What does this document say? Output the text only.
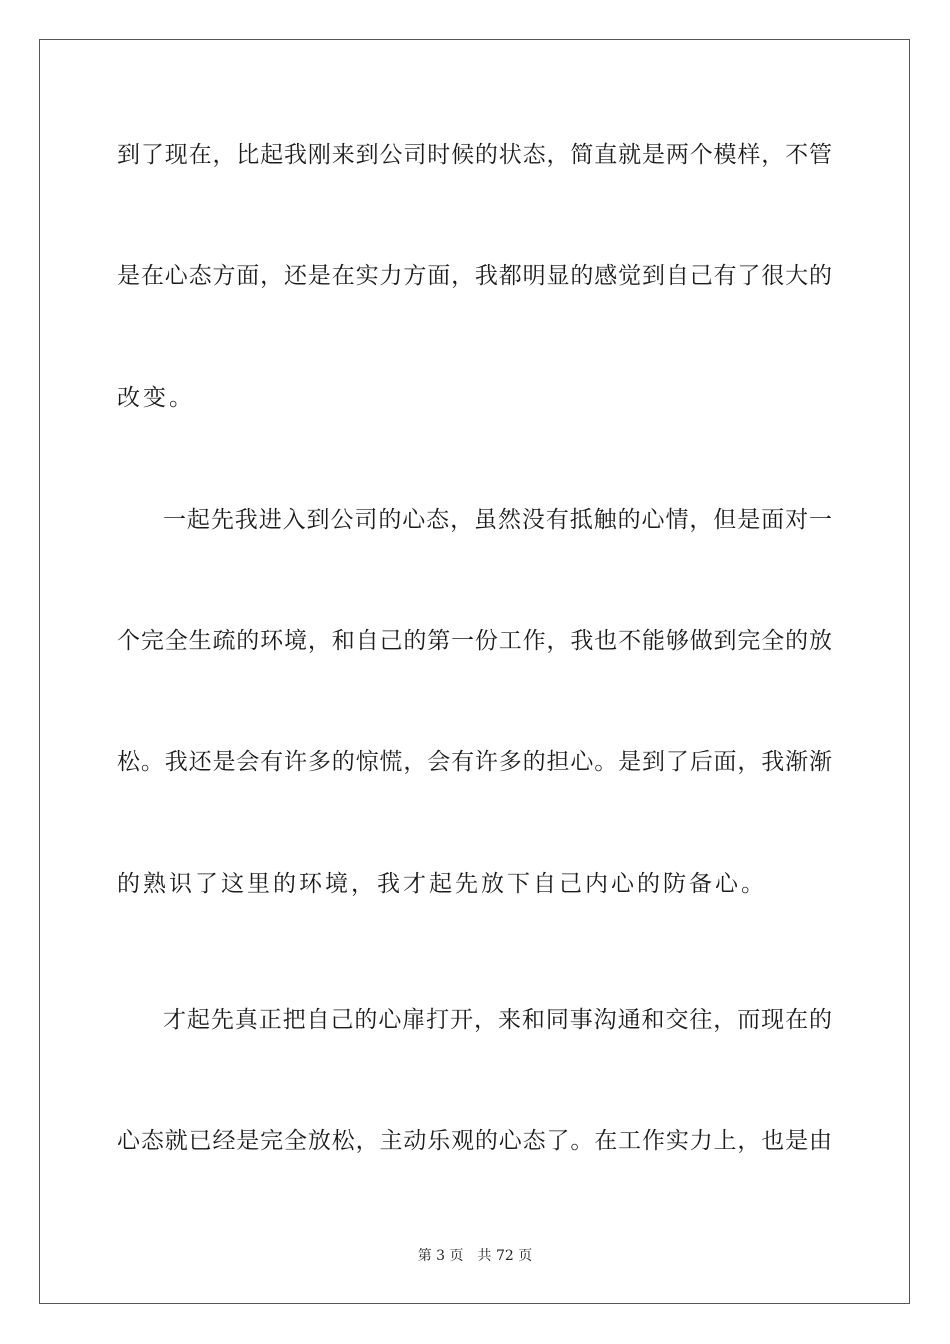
到了现在，比起我刚来到公司时候的状态，简直就是两个模样，不管
是在心态方面，还是在实力方面，我都明显的感觉到自己有了很大的
改变。
一起先我进入到公司的心态，虽然没有抵触的心情，但是面对一
个完全生疏的环境，和自己的第一份工作，我也不能够做到完全的放
松。我还是会有许多的惊慌，会有许多的担心。是到了后面，我渐渐
的熟识了这里的环境，我才起先放下自己内心的防备心。
才起先真正把自己的心扉打开，来和同事沟通和交往，而现在的
心态就已经是完全放松，主动乐观的心态了。在工作实力上，也是由
第 3 页 共 72 页
